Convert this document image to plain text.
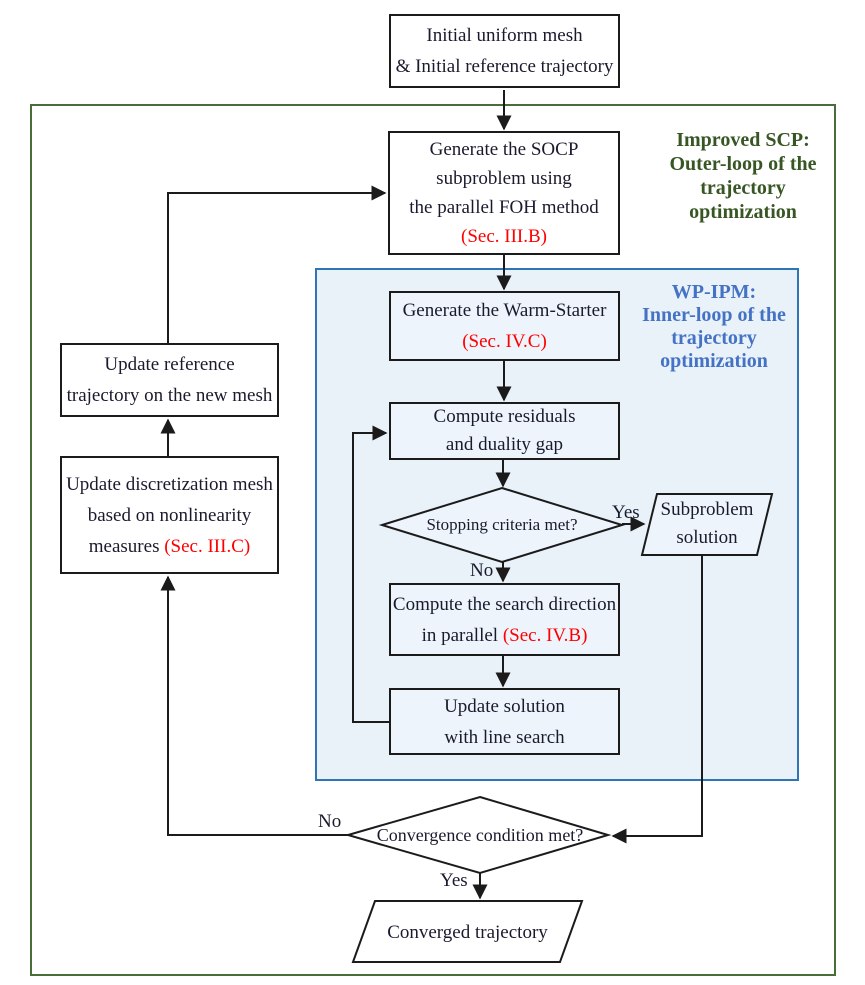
Initial uniform mesh
& Initial reference trajectory
Generate the SOCP
subproblem using
the parallel FOH method
(Sec. III.B)
Generate the Warm-Starter
(Sec. IV.C)
Compute residuals
and duality gap
Compute the search direction
in parallel (Sec. IV.B)
Update solution
with line search
Update reference
trajectory on the new mesh
Update discretization mesh
based on nonlinearity
measures (Sec. III.C)
Stopping criteria met?
Subproblem
solution
Convergence condition met?
Converged trajectory
Improved SCP:
Outer-loop of the
trajectory
optimization
WP-IPM:
Inner-loop of the
trajectory
optimization
Yes
No
No
Yes
